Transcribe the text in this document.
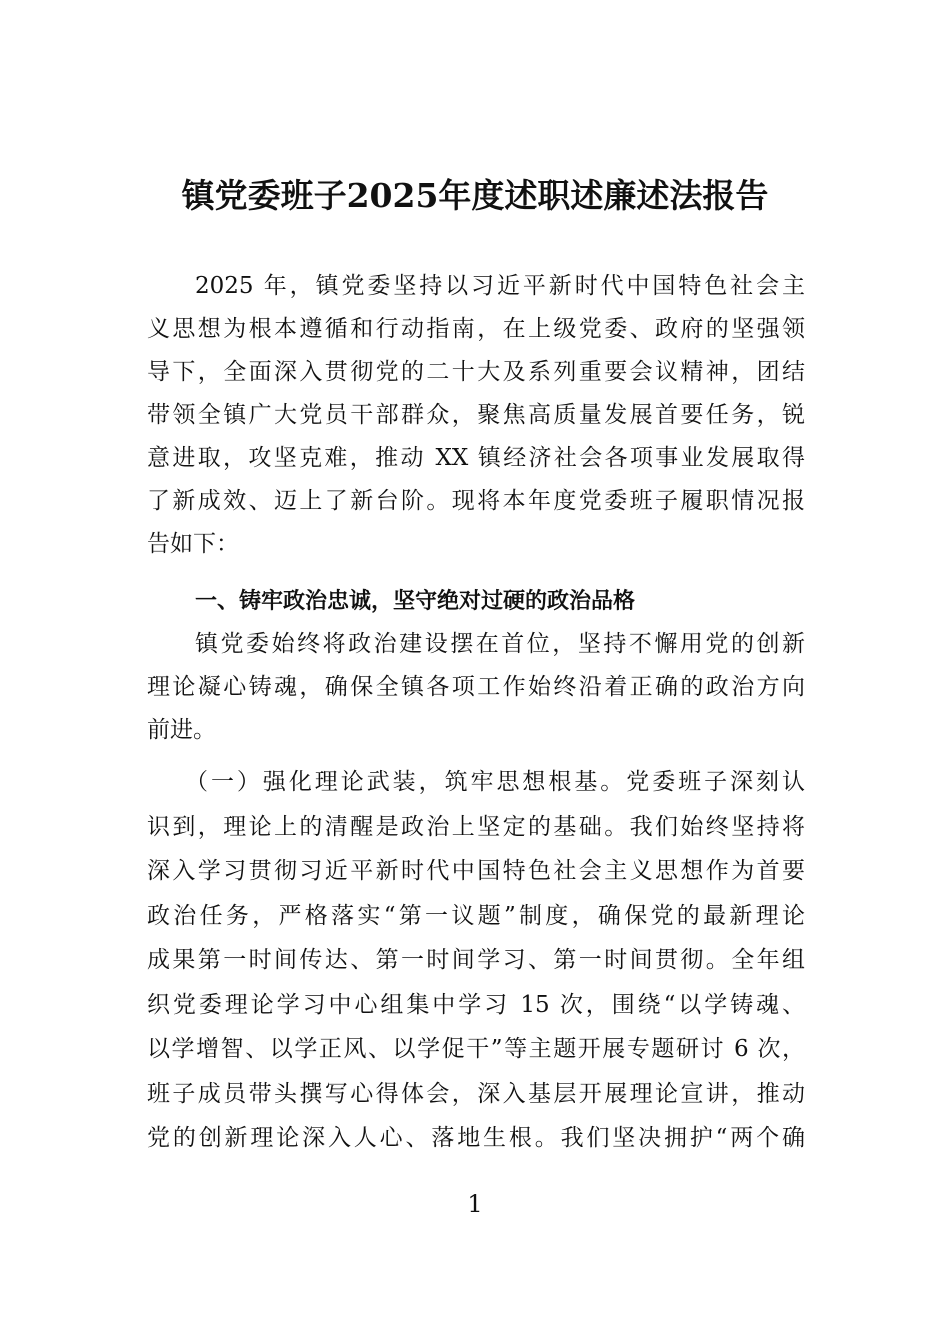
镇党委班子2025年度述职述廉述法报告
2025 年，镇党委坚持以习近平新时代中国特色社会主
义思想为根本遵循和行动指南，在上级党委、政府的坚强领
导下，全面深入贯彻党的二十大及系列重要会议精神，团结
带领全镇广大党员干部群众，聚焦高质量发展首要任务，锐
意进取，攻坚克难，推动 XX 镇经济社会各项事业发展取得
了新成效、迈上了新台阶。现将本年度党委班子履职情况报
告如下：
一、铸牢政治忠诚，坚守绝对过硬的政治品格
镇党委始终将政治建设摆在首位，坚持不懈用党的创新
理论凝心铸魂，确保全镇各项工作始终沿着正确的政治方向
前进。
（一）强化理论武装，筑牢思想根基。党委班子深刻认
识到，理论上的清醒是政治上坚定的基础。我们始终坚持将
深入学习贯彻习近平新时代中国特色社会主义思想作为首要
政治任务，严格落实“第一议题”制度，确保党的最新理论
成果第一时间传达、第一时间学习、第一时间贯彻。全年组
织党委理论学习中心组集中学习 15 次，围绕“以学铸魂、
以学增智、以学正风、以学促干”等主题开展专题研讨 6 次，
班子成员带头撰写心得体会，深入基层开展理论宣讲，推动
党的创新理论深入人心、落地生根。我们坚决拥护“两个确
1
